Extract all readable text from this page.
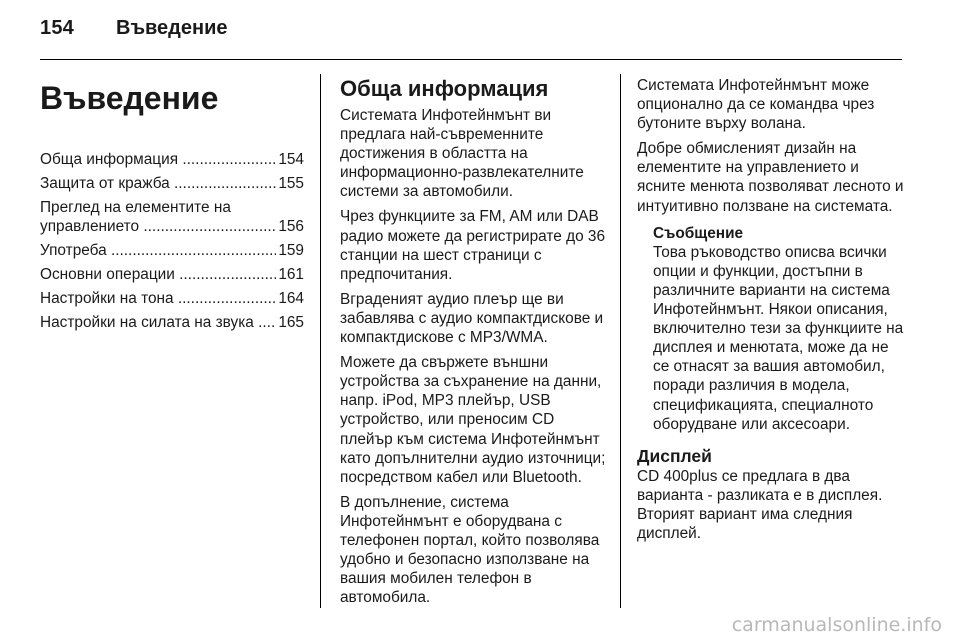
154 Въведение
Въведение
Обща информация .....	154
Защита от кражба .....	155
Преглед на елементите на управлението .....	156
Употреба .....	159
Основни операции .....	161
Настройки на тона .....	164
Настройки на силата на звука .....	165
Обща информация

Системата Инфотейнмънт ви предлага най-съвременните достижения в областта на информационно-развлекателните системи за автомобили.

Чрез функциите за FM, AM или DAB радио можете да регистрирате до 36 станции на шест страници с предпочитания.

Вграденият аудио плеър ще ви забавлява с аудио компактдискове и компактдискове с MP3/WMA.

Можете да свържете външни устройства за съхранение на данни, напр. iPod, MP3 плейър, USB устройство, или преносим CD плейър към система Инфотейнмънт като допълнителни аудио източници; посредством кабел или Bluetooth.

В допълнение, система Инфотейнмънт е оборудвана с телефонен портал, който позволява удобно и безопасно използване на вашия мобилен телефон в автомобила.

Системата Инфотейнмънт може опционално да се командва чрез бутоните върху волана.

Добре обмисленият дизайн на елементите на управлението и ясните менюта позволяват лесното и интуитивно ползване на системата.

Съобщение
Това ръководство описва всички опции и функции, достъпни в различните варианти на система Инфотейнмънт. Някои описания, включително тези за функциите на дисплея и менютата, може да не се отнасят за вашия автомобил, поради различия в модела, спецификацията, специалното оборудване или аксесоари.
Дисплей

CD 400plus се предлага в два варианта - разликата е в дисплея. Вторият вариант има следния дисплей.

carmanualsonline.info
